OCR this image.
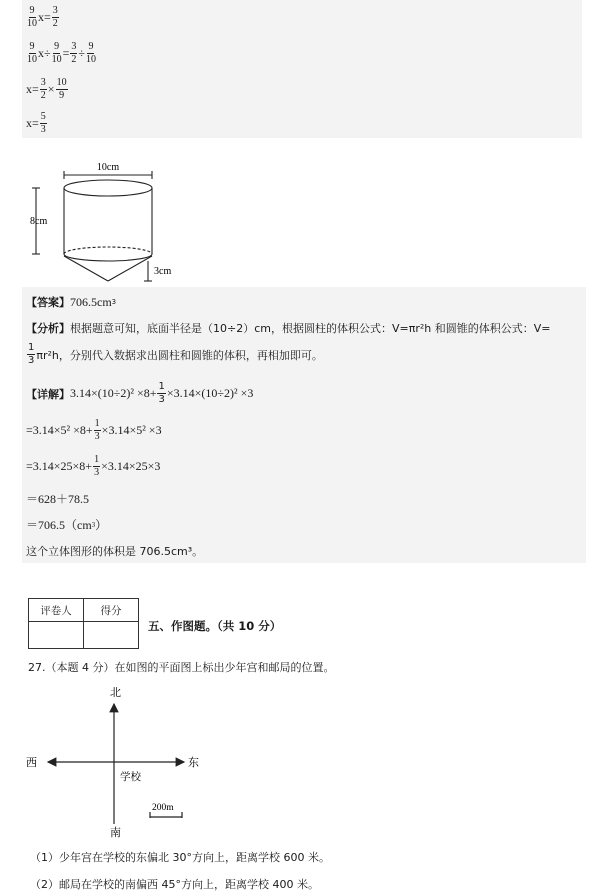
$\frac{9}{10} x= \frac{3}{2}$
$\frac{9}{10} x\div \frac{9}{10} = \frac{3}{2} \div \frac{9}{10}$
$x= \frac{3}{2} \times \frac{10}{9}$
$x= \frac{5}{3}$
10cm
8cm
3cm
【答案】 706.5cm 3
【分析】 根据题意可知，底面半径是（10÷2）cm，根据圆柱的体积公式：V=πr²h 和圆锥的体积公式：V=
$\frac{1}{3} \pi r^2h$，分别代入数据求出圆柱和圆锥的体积，再相加即可。
【详解】 $3.14\times(10\div 2)^2 \times 8+ \frac{1}{3} \times 3.14\times(10\div 2)^2 \times 3$
$=3.14\times 5^2 \times 8+ \frac{1}{3} \times 3.14\times 5^2 \times 3$
$=3.14\times 25\times 8+ \frac{1}{3} \times 3.14\times 25\times 3$
＝628＋78.5
＝706.5（cm 3 ）
这个立体图形的体积是 706.5cm³。
评卷人	得分

五、作图题。（共 10 分）
27.（本题 4 分）在如图的平面图上标出少年宫和邮局的位置。
北
西	东
南
学校
200m
（1）少年宫在学校的东偏北 30°方向上，距离学校 600 米。
（2）邮局在学校的南偏西 45°方向上，距离学校 400 米。
